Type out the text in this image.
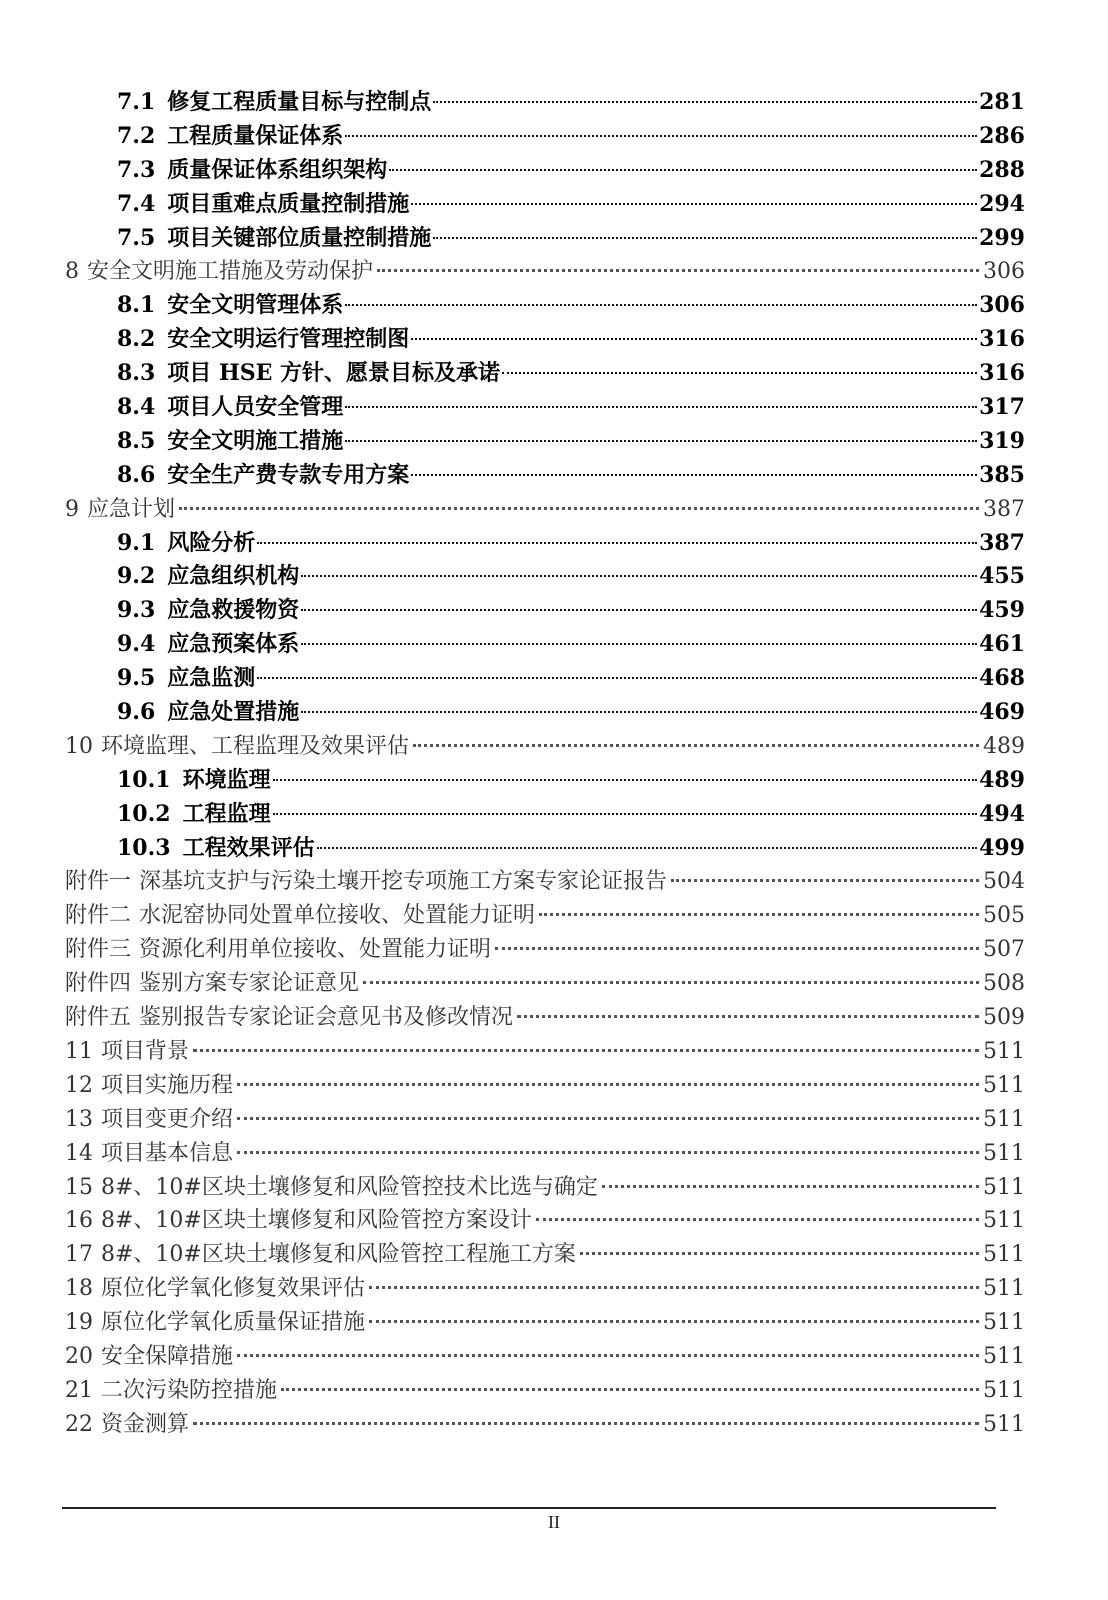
7.1 修复工程质量目标与控制点	281
7.2 工程质量保证体系	286
7.3 质量保证体系组织架构	288
7.4 项目重难点质量控制措施	294
7.5 项目关键部位质量控制措施	299
8 安全文明施工措施及劳动保护	306
8.1 安全文明管理体系	306
8.2 安全文明运行管理控制图	316
8.3 项目 HSE 方针、愿景目标及承诺	316
8.4 项目人员安全管理	317
8.5 安全文明施工措施	319
8.6 安全生产费专款专用方案	385
9 应急计划	387
9.1 风险分析	387
9.2 应急组织机构	455
9.3 应急救援物资	459
9.4 应急预案体系	461
9.5 应急监测	468
9.6 应急处置措施	469
10 环境监理、工程监理及效果评估	489
10.1 环境监理	489
10.2 工程监理	494
10.3 工程效果评估	499
附件一 深基坑支护与污染土壤开挖专项施工方案专家论证报告	504
附件二 水泥窑协同处置单位接收、处置能力证明	505
附件三 资源化利用单位接收、处置能力证明	507
附件四 鉴别方案专家论证意见	508
附件五 鉴别报告专家论证会意见书及修改情况	509
11 项目背景	511
12 项目实施历程	511
13 项目变更介绍	511
14 项目基本信息	511
15 8#、10#区块土壤修复和风险管控技术比选与确定	511
16 8#、10#区块土壤修复和风险管控方案设计	511
17 8#、10#区块土壤修复和风险管控工程施工方案	511
18 原位化学氧化修复效果评估	511
19 原位化学氧化质量保证措施	511
20 安全保障措施	511
21 二次污染防控措施	511
22 资金测算	511
II
